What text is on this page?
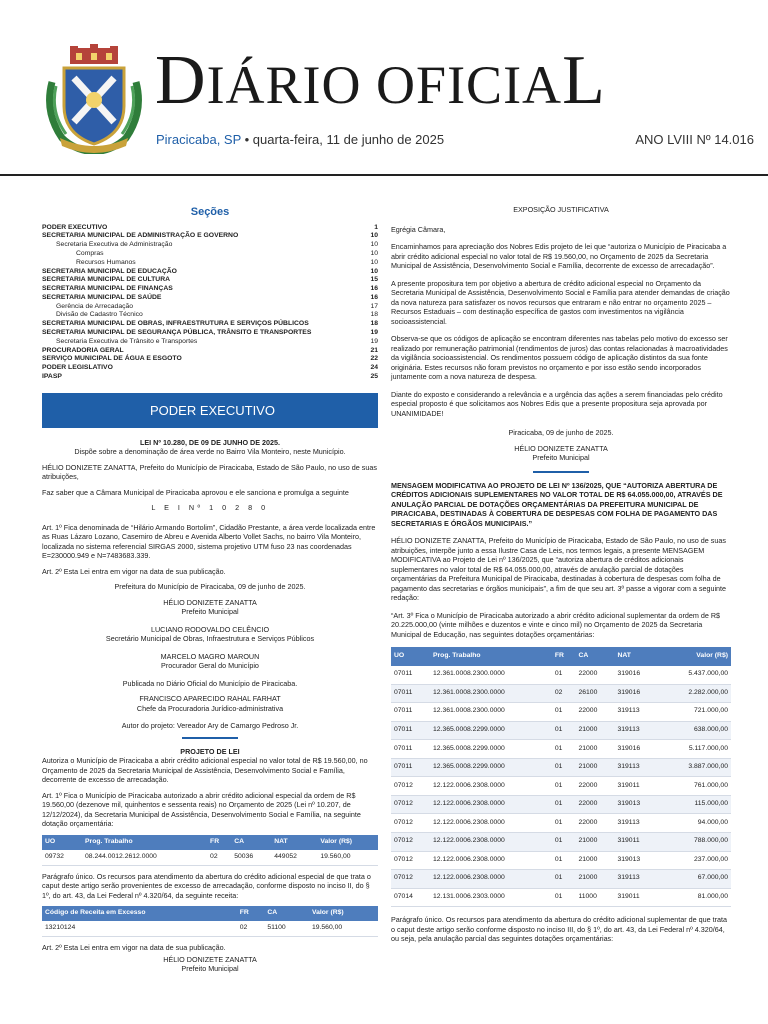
DIÁRIO OFICIAL
Piracicaba, SP • quarta-feira, 11 de junho de 2025	ANO LVIII Nº 14.016
Seções
PODER EXECUTIVO	1
SECRETARIA MUNICIPAL DE ADMINISTRAÇÃO E GOVERNO	10
Secretaria Executiva de Administração	10
Compras	10
Recursos Humanos	10
SECRETARIA MUNICIPAL DE EDUCAÇÃO	10
SECRETARIA MUNICIPAL DE CULTURA	15
SECRETARIA MUNICIPAL DE FINANÇAS	16
SECRETARIA MUNICIPAL DE SAÚDE	16
Gerência de Arrecadação	17
Divisão de Cadastro Técnico	18
SECRETARIA MUNICIPAL DE OBRAS, INFRAESTRUTURA E SERVIÇOS PÚBLICOS	18
SECRETARIA MUNICIPAL DE SEGURANÇA PÚBLICA, TRÂNSITO E TRANSPORTES	19
Secretaria Executiva de Trânsito e Transportes	19
PROCURADORIA GERAL	21
SERVIÇO MUNICIPAL DE ÁGUA E ESGOTO	22
PODER LEGISLATIVO	24
IPASP	25
PODER EXECUTIVO
LEI Nº 10.280, DE 09 DE JUNHO DE 2025.

Dispõe sobre a denominação de área verde no Bairro Vila Monteiro, neste Município.

HÉLIO DONIZETE ZANATTA, Prefeito do Município de Piracicaba, Estado de São Paulo, no uso de suas atribuições,

Faz saber que a Câmara Municipal de Piracicaba aprovou e ele sanciona e promulga a seguinte

L E I Nº 1 0 2 8 0

Art. 1º Fica denominada de “Hilário Armando Bortolim”, Cidadão Prestante, a área verde localizada entre as Ruas Lázaro Lozano, Casemiro de Abreu e Avenida Alberto Vollet Sachs, no bairro Vila Monteiro, localizada no sistema referencial SIRGAS 2000, sistema projetivo UTM fuso 23 nas coordenadas E=230000.949 e N=7483683.339.

Art. 2º Esta Lei entra em vigor na data de sua publicação.

Prefeitura do Município de Piracicaba, 09 de junho de 2025.

HÉLIO DONIZETE ZANATTA
Prefeito Municipal
LUCIANO RODOVALDO CELÊNCIO
Secretário Municipal de Obras, Infraestrutura e Serviços Públicos
MARCELO MAGRO MAROUN
Procurador Geral do Município

Publicada no Diário Oficial do Município de Piracicaba.

FRANCISCO APARECIDO RAHAL FARHAT
Chefe da Procuradoria Jurídico-administrativa

Autor do projeto: Vereador Ary de Camargo Pedroso Jr.

PROJETO DE LEI

Autoriza o Município de Piracicaba a abrir crédito adicional especial no valor total de R$ 19.560,00, no Orçamento de 2025 da Secretaria Municipal de Assistência, Desenvolvimento Social e Família, decorrente de excesso de arrecadação.

Art. 1º Fica o Município de Piracicaba autorizado a abrir crédito adicional especial da ordem de R$ 19.560,00 (dezenove mil, quinhentos e sessenta reais) no Orçamento de 2025 (Lei nº 10.207, de 12/12/2024), da Secretaria Municipal de Assistência, Desenvolvimento Social e Família, na seguinte dotação orçamentária:

UO	Prog. Trabalho	FR	CA	NAT	Valor (R$)
09732	08.244.0012.2612.0000	02	50036	449052	19.560,00

Parágrafo único. Os recursos para atendimento da abertura do crédito adicional especial de que trata o caput deste artigo serão provenientes de excesso de arrecadação, conforme disposto no inciso II, do § 1º, do art. 43, da Lei Federal nº 4.320/64, da seguinte receita:

Código de Receita em Excesso	FR	CA	Valor (R$)
13210124	02	51100	19.560,00

Art. 2º Esta Lei entra em vigor na data de sua publicação.

HÉLIO DONIZETE ZANATTA
Prefeito Municipal

EXPOSIÇÃO JUSTIFICATIVA

Egrégia Câmara,

Encaminhamos para apreciação dos Nobres Edis projeto de lei que “autoriza o Município de Piracicaba a abrir crédito adicional especial no valor total de R$ 19.560,00, no Orçamento de 2025 da Secretaria Municipal de Assistência, Desenvolvimento Social e Família, decorrente de excesso de arrecadação”.

A presente propositura tem por objetivo a abertura de crédito adicional especial no Orçamento da Secretaria Municipal de Assistência, Desenvolvimento Social e Família para atender demandas de criação da nova natureza para satisfazer os novos recursos que entraram e não entrar no orçamento 2025 – Recursos Estaduais – com destinação específica de gastos com investimentos na vigilância socioassistencial.

Observa-se que os códigos de aplicação se encontram diferentes nas tabelas pelo motivo do excesso ser realizado por remuneração patrimonial (rendimentos de juros) das contas relacionadas à macroatividades da vigilância socioassistencial. Os rendimentos possuem código de aplicação distintos da sua fonte originária. Estes recursos não foram previstos no orçamento e por isso estão sendo incorporados juntamente com a nova natureza de despesa.

Diante do exposto e considerando a relevância e a urgência das ações a serem financiadas pelo crédito especial proposto é que solicitamos aos Nobres Edis que a presente propositura seja aprovada por UNANIMIDADE!

Piracicaba, 09 de junho de 2025.

HÉLIO DONIZETE ZANATTA
Prefeito Municipal

MENSAGEM MODIFICATIVA AO PROJETO DE LEI Nº 136/2025, QUE “AUTORIZA ABERTURA DE CRÉDITOS ADICIONAIS SUPLEMENTARES NO VALOR TOTAL DE R$ 64.055.000,00, ATRAVÉS DE ANULAÇÃO PARCIAL DE DOTAÇÕES ORÇAMENTÁRIAS DA PREFEITURA MUNICIPAL DE PIRACICABA, DESTINADAS À COBERTURA DE DESPESAS COM FOLHA DE PAGAMENTO DAS SECRETARIAS E ÓRGÃOS MUNICIPAIS.”

HÉLIO DONIZETE ZANATTA, Prefeito do Município de Piracicaba, Estado de São Paulo, no uso de suas atribuições, interpõe junto a essa Ilustre Casa de Leis, nos termos legais, a presente MENSAGEM MODIFICATIVA ao Projeto de Lei nº 136/2025, que “autoriza abertura de créditos adicionais suplementares no valor total de R$ 64.055.000,00, através de anulação parcial de dotações orçamentárias da Prefeitura Municipal de Piracicaba, destinadas à cobertura de despesas com folha de pagamento das secretarias e órgãos municipais”, a fim de que seu art. 3º passe a vigorar com a seguinte redação:

“Art. 3º Fica o Município de Piracicaba autorizado a abrir crédito adicional suplementar da ordem de R$ 20.225.000,00 (vinte milhões e duzentos e vinte e cinco mil) no Orçamento de 2025 da Secretaria Municipal de Educação, nas seguintes dotações orçamentárias:

UO	Prog. Trabalho	FR	CA	NAT	Valor (R$)
07011	12.361.0008.2300.0000	01	22000	319016	5.437.000,00
07011	12.361.0008.2300.0000	02	26100	319016	2.282.000,00
07011	12.361.0008.2300.0000	01	22000	319113	721.000,00
07011	12.365.0008.2299.0000	01	21000	319113	638.000,00
07011	12.365.0008.2299.0000	01	21000	319016	5.117.000,00
07011	12.365.0008.2299.0000	01	21000	319113	3.887.000,00
07012	12.122.0006.2308.0000	01	22000	319011	761.000,00
07012	12.122.0006.2308.0000	01	22000	319013	115.000,00
07012	12.122.0006.2308.0000	01	22000	319113	94.000,00
07012	12.122.0006.2308.0000	01	21000	319011	788.000,00
07012	12.122.0006.2308.0000	01	21000	319013	237.000,00
07012	12.122.0006.2308.0000	01	21000	319113	67.000,00
07014	12.131.0006.2303.0000	01	11000	319011	81.000,00

Parágrafo único. Os recursos para atendimento da abertura do crédito adicional suplementar de que trata o caput deste artigo serão conforme disposto no inciso III, do § 1º, do art. 43, da Lei Federal nº 4.320/64, ou seja, pela anulação parcial das seguintes dotações orçamentárias:
